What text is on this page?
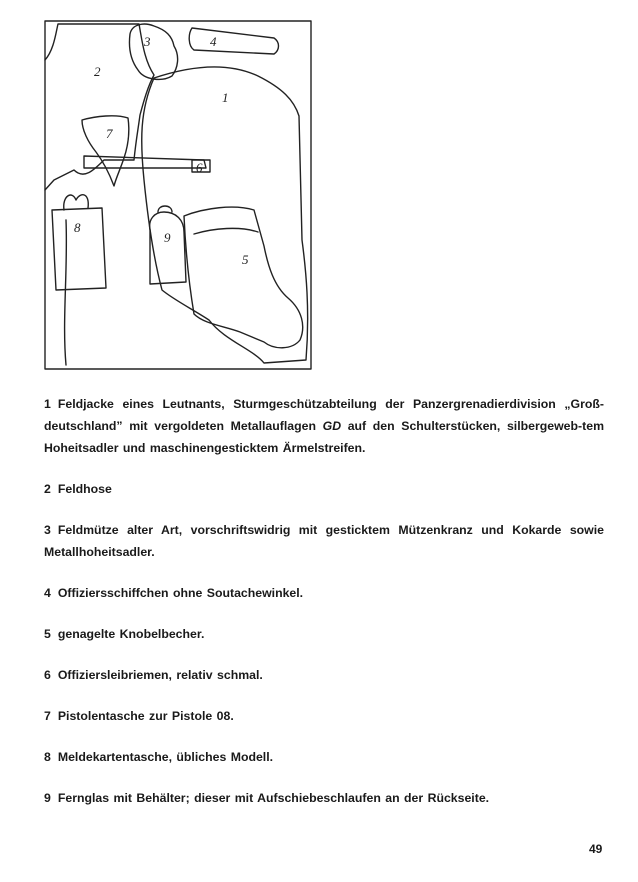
1
2
3	4
5
6
7
8
9

1 Feldjacke eines Leutnants, Sturmgeschützabteilung der Panzergrenadierdivision „Groß-deutschland” mit vergoldeten Metallauflagen GD auf den Schulterstücken, silbergeweb-tem Hoheitsadler und maschinengesticktem Ärmelstreifen.

2 Feldhose

3 Feldmütze alter Art, vorschriftswidrig mit gesticktem Mützenkranz und Kokarde sowie Metallhoheitsadler.

4 Offiziersschiffchen ohne Soutachewinkel.

5 genagelte Knobelbecher.

6 Offiziersleibriemen, relativ schmal.

7 Pistolentasche zur Pistole 08.

8 Meldekartentasche, übliches Modell.

9 Fernglas mit Behälter; dieser mit Aufschiebeschlaufen an der Rückseite.

49
